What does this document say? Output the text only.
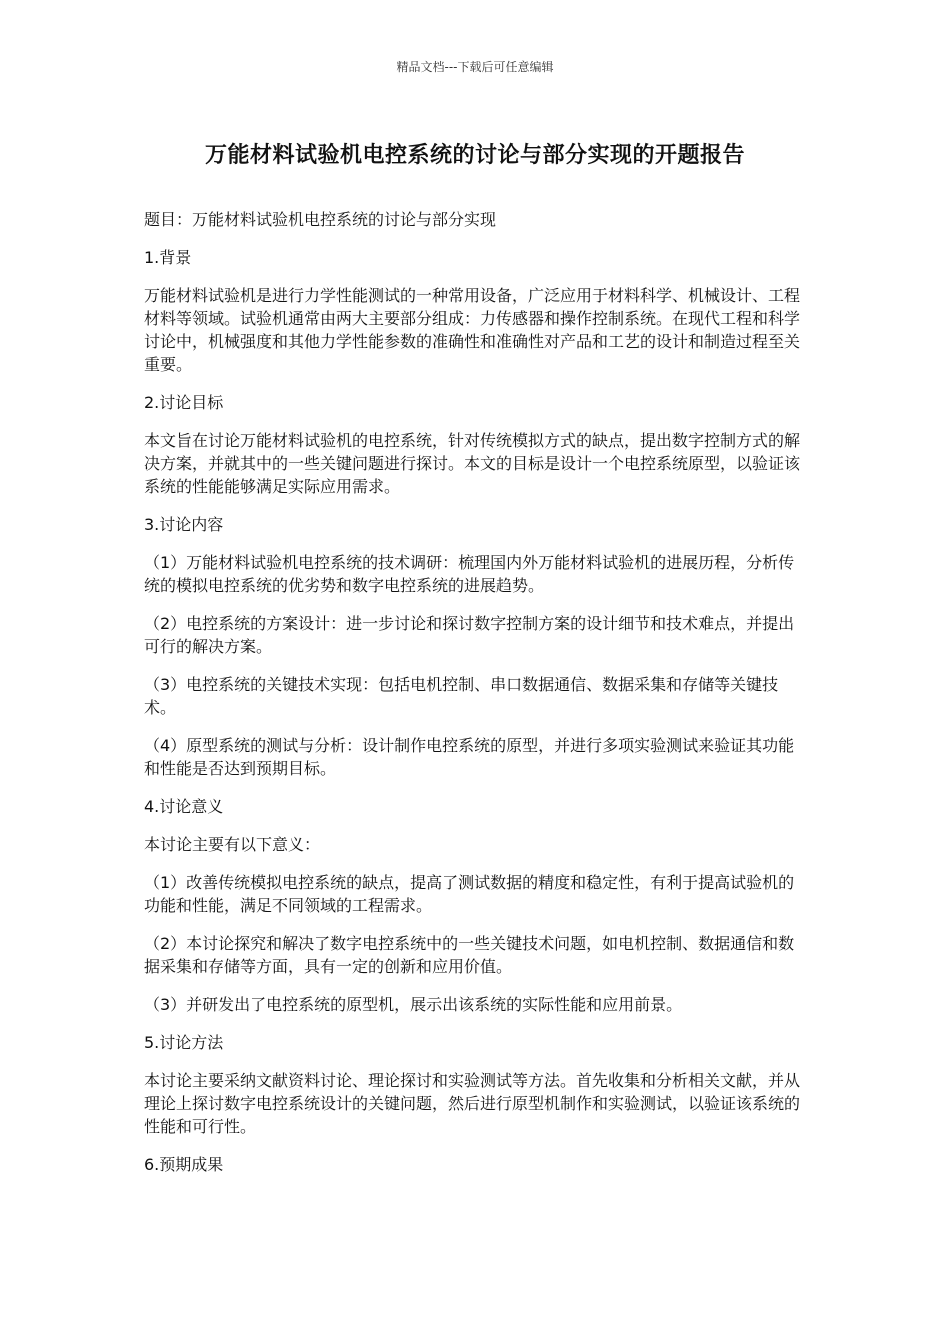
精品文档---下载后可任意编辑
万能材料试验机电控系统的讨论与部分实现的开题报告

题目：万能材料试验机电控系统的讨论与部分实现

1.背景

万能材料试验机是进行力学性能测试的一种常用设备，广泛应用于材料科学、机械设计、工程材料等领域。试验机通常由两大主要部分组成：力传感器和操作控制系统。在现代工程和科学讨论中，机械强度和其他力学性能参数的准确性和准确性对产品和工艺的设计和制造过程至关重要。

2.讨论目标

本文旨在讨论万能材料试验机的电控系统，针对传统模拟方式的缺点，提出数字控制方式的解决方案，并就其中的一些关键问题进行探讨。本文的目标是设计一个电控系统原型，以验证该系统的性能能够满足实际应用需求。

3.讨论内容

（1）万能材料试验机电控系统的技术调研：梳理国内外万能材料试验机的进展历程，分析传统的模拟电控系统的优劣势和数字电控系统的进展趋势。

（2）电控系统的方案设计：进一步讨论和探讨数字控制方案的设计细节和技术难点，并提出可行的解决方案。

（3）电控系统的关键技术实现：包括电机控制、串口数据通信、数据采集和存储等关键技术。

（4）原型系统的测试与分析：设计制作电控系统的原型，并进行多项实验测试来验证其功能和性能是否达到预期目标。

4.讨论意义

本讨论主要有以下意义：

（1）改善传统模拟电控系统的缺点，提高了测试数据的精度和稳定性，有利于提高试验机的功能和性能，满足不同领域的工程需求。

（2）本讨论探究和解决了数字电控系统中的一些关键技术问题，如电机控制、数据通信和数据采集和存储等方面，具有一定的创新和应用价值。

（3）并研发出了电控系统的原型机，展示出该系统的实际性能和应用前景。

5.讨论方法

本讨论主要采纳文献资料讨论、理论探讨和实验测试等方法。首先收集和分析相关文献，并从理论上探讨数字电控系统设计的关键问题，然后进行原型机制作和实验测试，以验证该系统的性能和可行性。

6.预期成果
